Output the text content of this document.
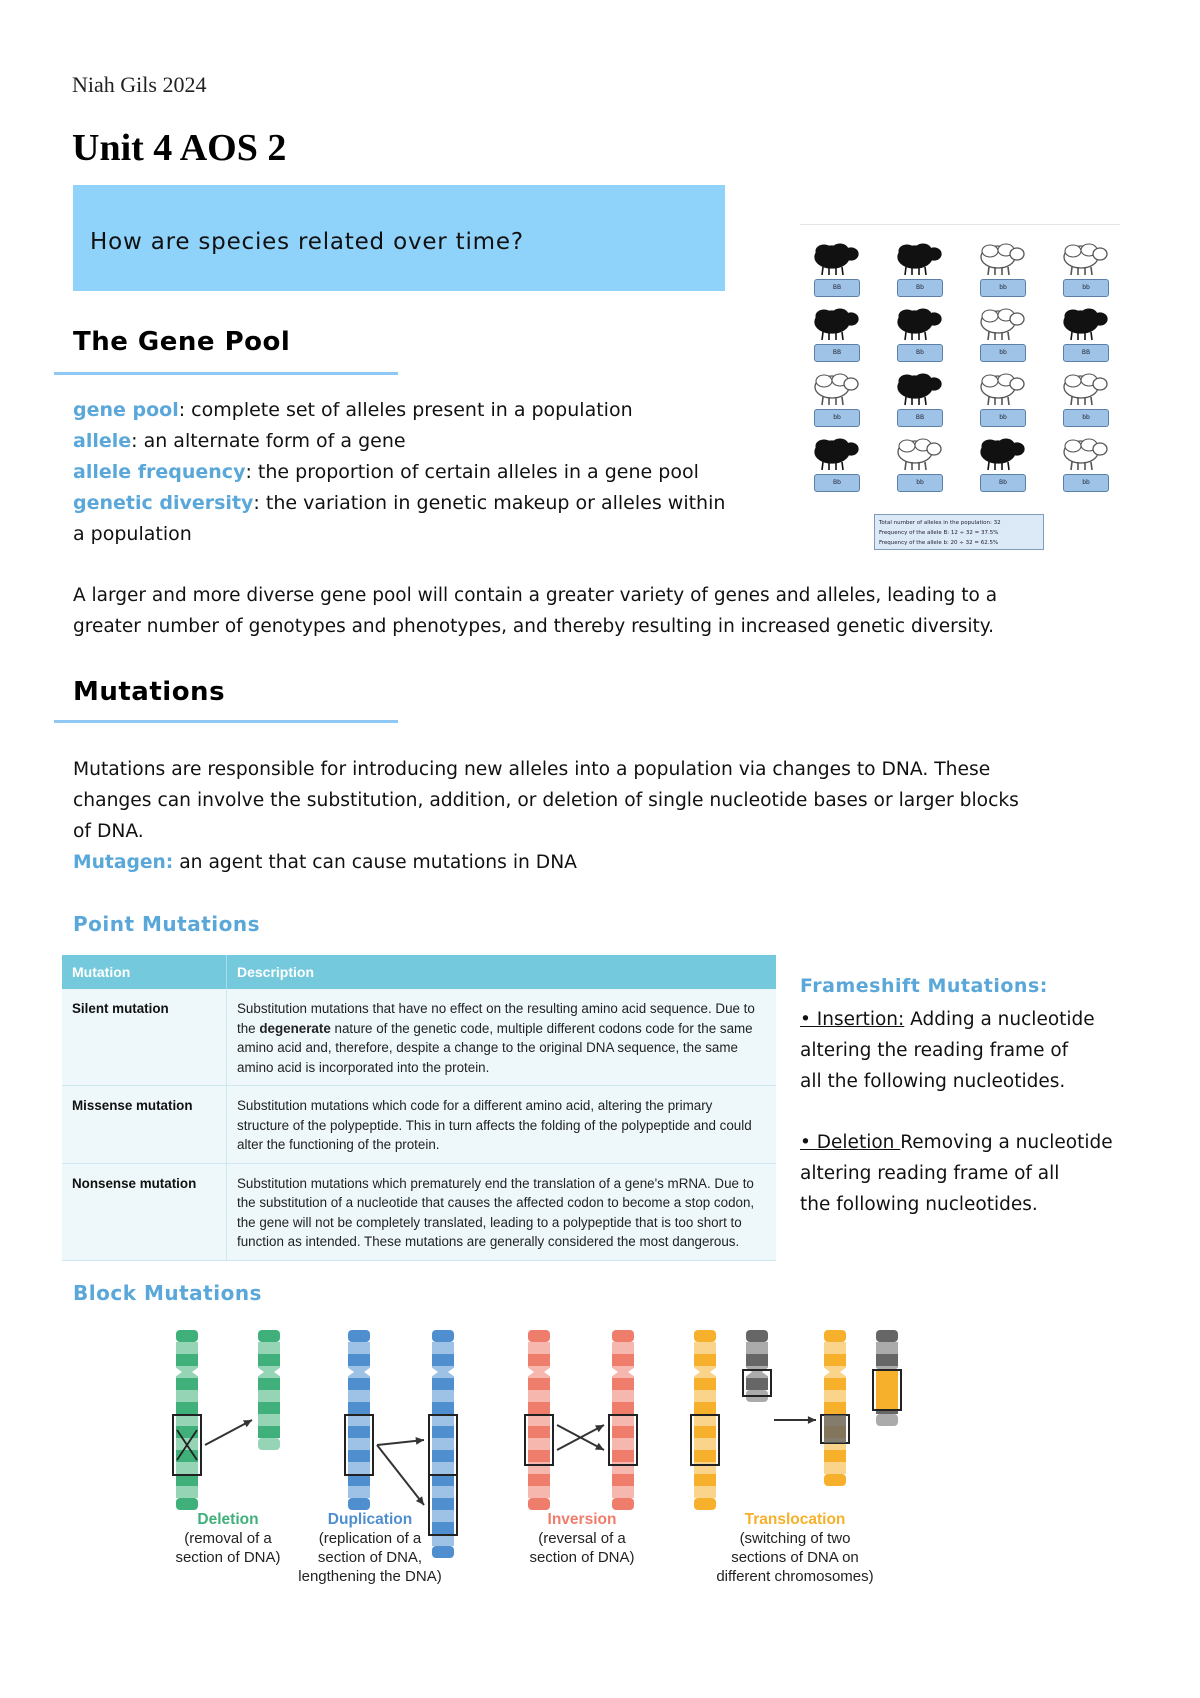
Niah Gils 2024
Unit 4 AOS 2
How are species related over time?
The Gene Pool
gene pool: complete set of alleles present in a population
allele: an alternate form of a gene
allele frequency: the proportion of certain alleles in a gene pool
genetic diversity: the variation in genetic makeup or alleles within
a population
A larger and more diverse gene pool will contain a greater variety of genes and alleles, leading to a
greater number of genotypes and phenotypes, and thereby resulting in increased genetic diversity.
Total number of alleles in the population: 32
Frequency of the allele B: 12 ÷ 32 = 37.5%
Frequency of the allele b: 20 ÷ 32 = 62.5%
BB	Bb	bb	bb
BB	Bb	bb	BB
bb	BB	bb	bb
Bb	bb	Bb	bb
Mutations
Mutations are responsible for introducing new alleles into a population via changes to DNA. These
changes can involve the substitution, addition, or deletion of single nucleotide bases or larger blocks
of DNA.
Mutagen: an agent that can cause mutations in DNA
Point Mutations
Mutation	Description
Silent mutation	Substitution mutations that have no effect on the resulting amino acid sequence. Due to the degenerate nature of the genetic code, multiple different codons code for the same amino acid and, therefore, despite a change to the original DNA sequence, the same amino acid is incorporated into the protein.
Missense mutation	Substitution mutations which code for a different amino acid, altering the primary structure of the polypeptide. This in turn affects the folding of the polypeptide and could alter the functioning of the protein.
Nonsense mutation	Substitution mutations which prematurely end the translation of a gene's mRNA. Due to the substitution of a nucleotide that causes the affected codon to become a stop codon, the gene will not be completely translated, leading to a polypeptide that is too short to function as intended. These mutations are generally considered the most dangerous.
Frameshift Mutations:
• Insertion: Adding a nucleotide
altering the reading frame of
all the following nucleotides.
• Deletion Removing a nucleotide
altering reading frame of all
the following nucleotides.
Block Mutations
Deletion
(removal of a
section of DNA)
Duplication
(replication of a
section of DNA,
lengthening the DNA)
Inversion
(reversal of a
section of DNA)
Translocation
(switching of two
sections of DNA on
different chromosomes)
